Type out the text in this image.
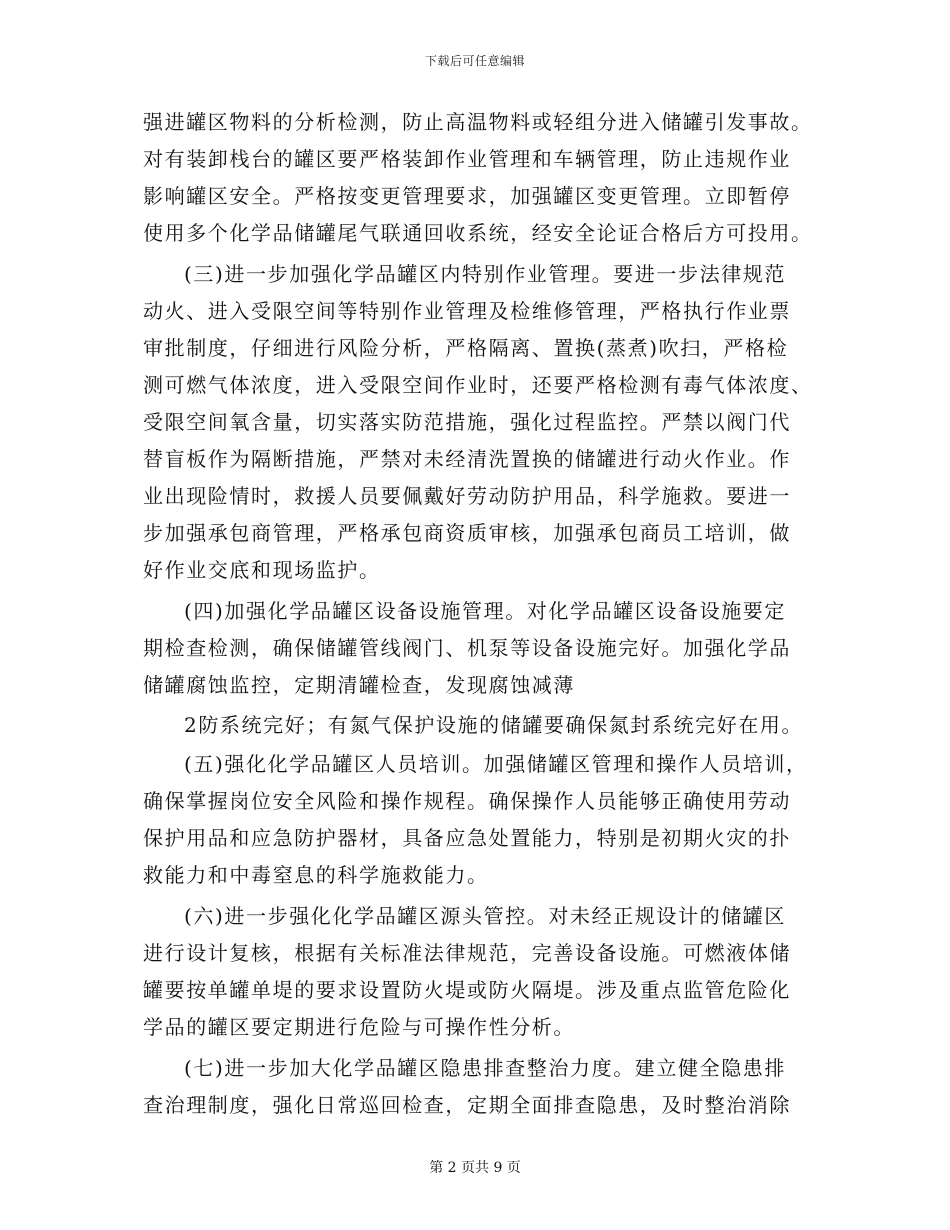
下载后可任意编辑
强进罐区物料的分析检测，防止高温物料或轻组分进入储罐引发事故。
对有装卸栈台的罐区要严格装卸作业管理和车辆管理，防止违规作业
影响罐区安全。严格按变更管理要求，加强罐区变更管理。立即暂停
使用多个化学品储罐尾气联通回收系统，经安全论证合格后方可投用。
(三)进一步加强化学品罐区内特别作业管理。要进一步法律规范
动火、进入受限空间等特别作业管理及检维修管理，严格执行作业票
审批制度，仔细进行风险分析，严格隔离、置换(蒸煮)吹扫，严格检
测可燃气体浓度，进入受限空间作业时，还要严格检测有毒气体浓度、
受限空间氧含量，切实落实防范措施，强化过程监控。严禁以阀门代
替盲板作为隔断措施，严禁对未经清洗置换的储罐进行动火作业。作
业出现险情时，救援人员要佩戴好劳动防护用品，科学施救。要进一
步加强承包商管理，严格承包商资质审核，加强承包商员工培训，做
好作业交底和现场监护。
(四)加强化学品罐区设备设施管理。对化学品罐区设备设施要定
期检查检测，确保储罐管线阀门、机泵等设备设施完好。加强化学品
储罐腐蚀监控，定期清罐检查，发现腐蚀减薄
2防系统完好；有氮气保护设施的储罐要确保氮封系统完好在用。
(五)强化化学品罐区人员培训。加强储罐区管理和操作人员培训，
确保掌握岗位安全风险和操作规程。确保操作人员能够正确使用劳动
保护用品和应急防护器材，具备应急处置能力，特别是初期火灾的扑
救能力和中毒窒息的科学施救能力。
(六)进一步强化化学品罐区源头管控。对未经正规设计的储罐区
进行设计复核，根据有关标准法律规范，完善设备设施。可燃液体储
罐要按单罐单堤的要求设置防火堤或防火隔堤。涉及重点监管危险化
学品的罐区要定期进行危险与可操作性分析。
(七)进一步加大化学品罐区隐患排查整治力度。建立健全隐患排
查治理制度，强化日常巡回检查，定期全面排查隐患，及时整治消除
第 2 页共 9 页
